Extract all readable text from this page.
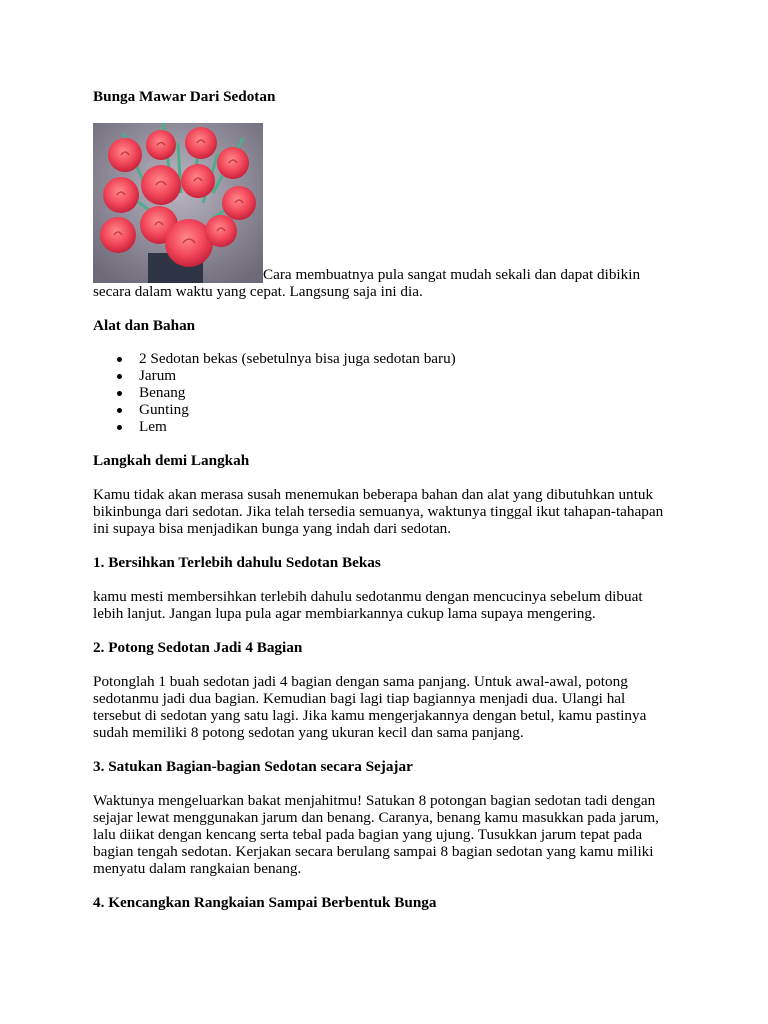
Bunga Mawar Dari Sedotan

Cara membuatnya pula sangat mudah sekali dan dapat dibikin

secara dalam waktu yang cepat. Langsung saja ini dia.

Alat dan Bahan

2 Sedotan bekas (sebetulnya bisa juga sedotan baru)
Jarum
Benang
Gunting
Lem

Langkah demi Langkah

Kamu tidak akan merasa susah menemukan beberapa bahan dan alat yang dibutuhkan untuk

bikinbunga dari sedotan. Jika telah tersedia semuanya, waktunya tinggal ikut tahapan-tahapan

ini supaya bisa menjadikan bunga yang indah dari sedotan.

1. Bersihkan Terlebih dahulu Sedotan Bekas

kamu mesti membersihkan terlebih dahulu sedotanmu dengan mencucinya sebelum dibuat

lebih lanjut. Jangan lupa pula agar membiarkannya cukup lama supaya mengering.

2. Potong Sedotan Jadi 4 Bagian

Potonglah 1 buah sedotan jadi 4 bagian dengan sama panjang. Untuk awal-awal, potong

sedotanmu jadi dua bagian. Kemudian bagi lagi tiap bagiannya menjadi dua. Ulangi hal

tersebut di sedotan yang satu lagi. Jika kamu mengerjakannya dengan betul, kamu pastinya

sudah memiliki 8 potong sedotan yang ukuran kecil dan sama panjang.

3. Satukan Bagian-bagian Sedotan secara Sejajar

Waktunya mengeluarkan bakat menjahitmu! Satukan 8 potongan bagian sedotan tadi dengan

sejajar lewat menggunakan jarum dan benang. Caranya, benang kamu masukkan pada jarum,

lalu diikat dengan kencang serta tebal pada bagian yang ujung. Tusukkan jarum tepat pada

bagian tengah sedotan. Kerjakan secara berulang sampai 8 bagian sedotan yang kamu miliki

menyatu dalam rangkaian benang.

4. Kencangkan Rangkaian Sampai Berbentuk Bunga
